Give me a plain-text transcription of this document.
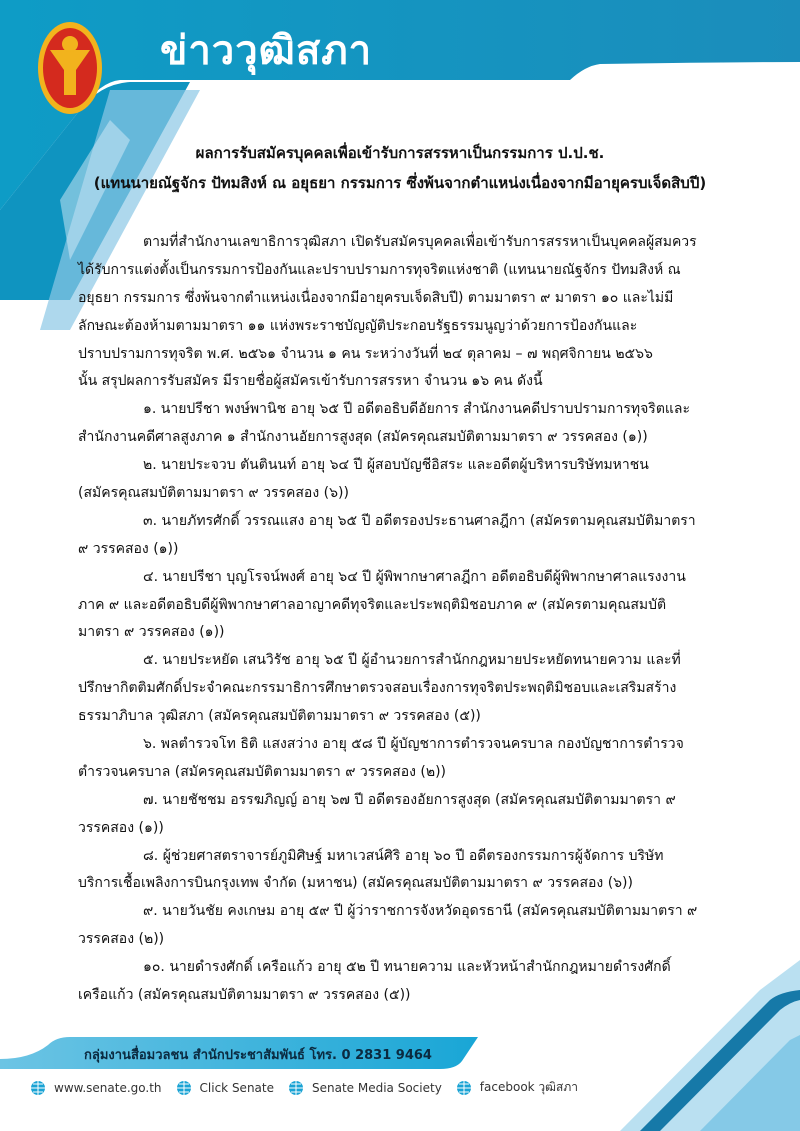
ข่าววุฒิสภา
ผลการรับสมัครบุคคลเพื่อเข้ารับการสรรหาเป็นกรรมการ ป.ป.ช.
(แทนนายณัฐจักร ปัทมสิงห์ ณ อยุธยา กรรมการ ซึ่งพ้นจากตำแหน่งเนื่องจากมีอายุครบเจ็ดสิบปี)
ตามที่สำนักงานเลขาธิการวุฒิสภา เปิดรับสมัครบุคคลเพื่อเข้ารับการสรรหาเป็นบุคคลผู้สมควร
ได้รับการแต่งตั้งเป็นกรรมการป้องกันและปราบปรามการทุจริตแห่งชาติ (แทนนายณัฐจักร ปัทมสิงห์ ณ
อยุธยา กรรมการ ซึ่งพ้นจากตำแหน่งเนื่องจากมีอายุครบเจ็ดสิบปี) ตามมาตรา ๙ มาตรา ๑๐ และไม่มี
ลักษณะต้องห้ามตามมาตรา ๑๑ แห่งพระราชบัญญัติประกอบรัฐธรรมนูญว่าด้วยการป้องกันและ
ปราบปรามการทุจริต พ.ศ. ๒๕๖๑ จำนวน ๑ คน ระหว่างวันที่ ๒๔ ตุลาคม – ๗ พฤศจิกายน ๒๕๖๖
นั้น สรุปผลการรับสมัคร มีรายชื่อผู้สมัครเข้ารับการสรรหา จำนวน ๑๖ คน ดังนี้
๑. นายปรีชา พงษ์พานิช อายุ ๖๕ ปี อดีตอธิบดีอัยการ สำนักงานคดีปราบปรามการทุจริตและ
สำนักงานคดีศาลสูงภาค ๑ สำนักงานอัยการสูงสุด (สมัครคุณสมบัติตามมาตรา ๙ วรรคสอง (๑))
๒. นายประจวบ ตันตินนท์ อายุ ๖๔ ปี ผู้สอบบัญชีอิสระ และอดีตผู้บริหารบริษัทมหาชน
(สมัครคุณสมบัติตามมาตรา ๙ วรรคสอง (๖))
๓. นายภัทรศักดิ์ วรรณแสง อายุ ๖๕ ปี อดีตรองประธานศาลฎีกา (สมัครตามคุณสมบัติมาตรา
๙ วรรคสอง (๑))
๔. นายปรีชา บุญโรจน์พงศ์ อายุ ๖๔ ปี ผู้พิพากษาศาลฎีกา อดีตอธิบดีผู้พิพากษาศาลแรงงาน
ภาค ๙ และอดีตอธิบดีผู้พิพากษาศาลอาญาคดีทุจริตและประพฤติมิชอบภาค ๙ (สมัครตามคุณสมบัติ
มาตรา ๙ วรรคสอง (๑))
๕. นายประหยัด เสนวิรัช อายุ ๖๕ ปี ผู้อำนวยการสำนักกฎหมายประหยัดทนายความ และที่
ปรึกษากิตติมศักดิ์ประจำคณะกรรมาธิการศึกษาตรวจสอบเรื่องการทุจริตประพฤติมิชอบและเสริมสร้าง
ธรรมาภิบาล วุฒิสภา (สมัครคุณสมบัติตามมาตรา ๙ วรรคสอง (๕))
๖. พลตำรวจโท ธิติ แสงสว่าง อายุ ๕๘ ปี ผู้บัญชาการตำรวจนครบาล กองบัญชาการตำรวจ
ตำรวจนครบาล (สมัครคุณสมบัติตามมาตรา ๙ วรรคสอง (๒))
๗. นายชัชชม อรรฆภิญญ์ อายุ ๖๗ ปี อดีตรองอัยการสูงสุด (สมัครคุณสมบัติตามมาตรา ๙
วรรคสอง (๑))
๘. ผู้ช่วยศาสตราจารย์ภูมิศิษฐ์ มหาเวสน์ศิริ อายุ ๖๐ ปี อดีตรองกรรมการผู้จัดการ บริษัท
บริการเชื้อเพลิงการบินกรุงเทพ จำกัด (มหาชน) (สมัครคุณสมบัติตามมาตรา ๙ วรรคสอง (๖))
๙. นายวันชัย คงเกษม อายุ ๕๙ ปี ผู้ว่าราชการจังหวัดอุดรธานี (สมัครคุณสมบัติตามมาตรา ๙
วรรคสอง (๒))
๑๐. นายดำรงศักดิ์ เครือแก้ว อายุ ๕๒ ปี ทนายความ และหัวหน้าสำนักกฎหมายดำรงศักดิ์
เครือแก้ว (สมัครคุณสมบัติตามมาตรา ๙ วรรคสอง (๕))
กลุ่มงานสื่อมวลชน สำนักประชาสัมพันธ์ โทร. 0 2831 9464
www.senate.go.th	Click Senate	Senate Media Society	facebook วุฒิสภา
